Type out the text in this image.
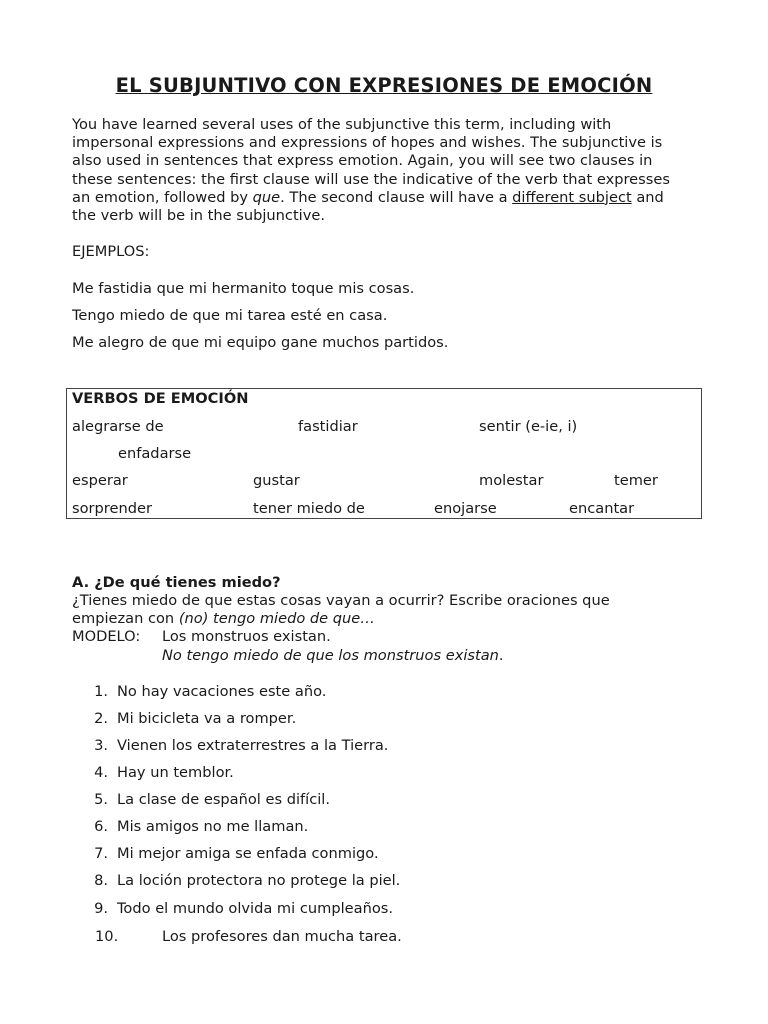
EL SUBJUNTIVO CON EXPRESIONES DE EMOCIÓN
You have learned several uses of the subjunctive this term, including with
impersonal expressions and expressions of hopes and wishes. The subjunctive is
also used in sentences that express emotion. Again, you will see two clauses in
these sentences: the first clause will use the indicative of the verb that expresses
an emotion, followed by que. The second clause will have a different subject and
the verb will be in the subjunctive.
EJEMPLOS:
Me fastidia que mi hermanito toque mis cosas.
Tengo miedo de que mi tarea esté en casa.
Me alegro de que mi equipo gane muchos partidos.
VERBOS DE EMOCIÓN
alegrarse de	fastidiar	sentir (e-ie, i)
enfadarse
esperar	gustar	molestar	temer
sorprender	tener miedo de	enojarse	encantar
A. ¿De qué tienes miedo?
¿Tienes miedo de que estas cosas vayan a ocurrir? Escribe oraciones que
empiezan con (no) tengo miedo de que…
MODELO: Los monstruos existan.
No tengo miedo de que los monstruos existan.
1. No hay vacaciones este año.
2. Mi bicicleta va a romper.
3. Vienen los extraterrestres a la Tierra.
4. Hay un temblor.
5. La clase de español es difícil.
6. Mis amigos no me llaman.
7. Mi mejor amiga se enfada conmigo.
8. La loción protectora no protege la piel.
9. Todo el mundo olvida mi cumpleaños.
10.	Los profesores dan mucha tarea.
